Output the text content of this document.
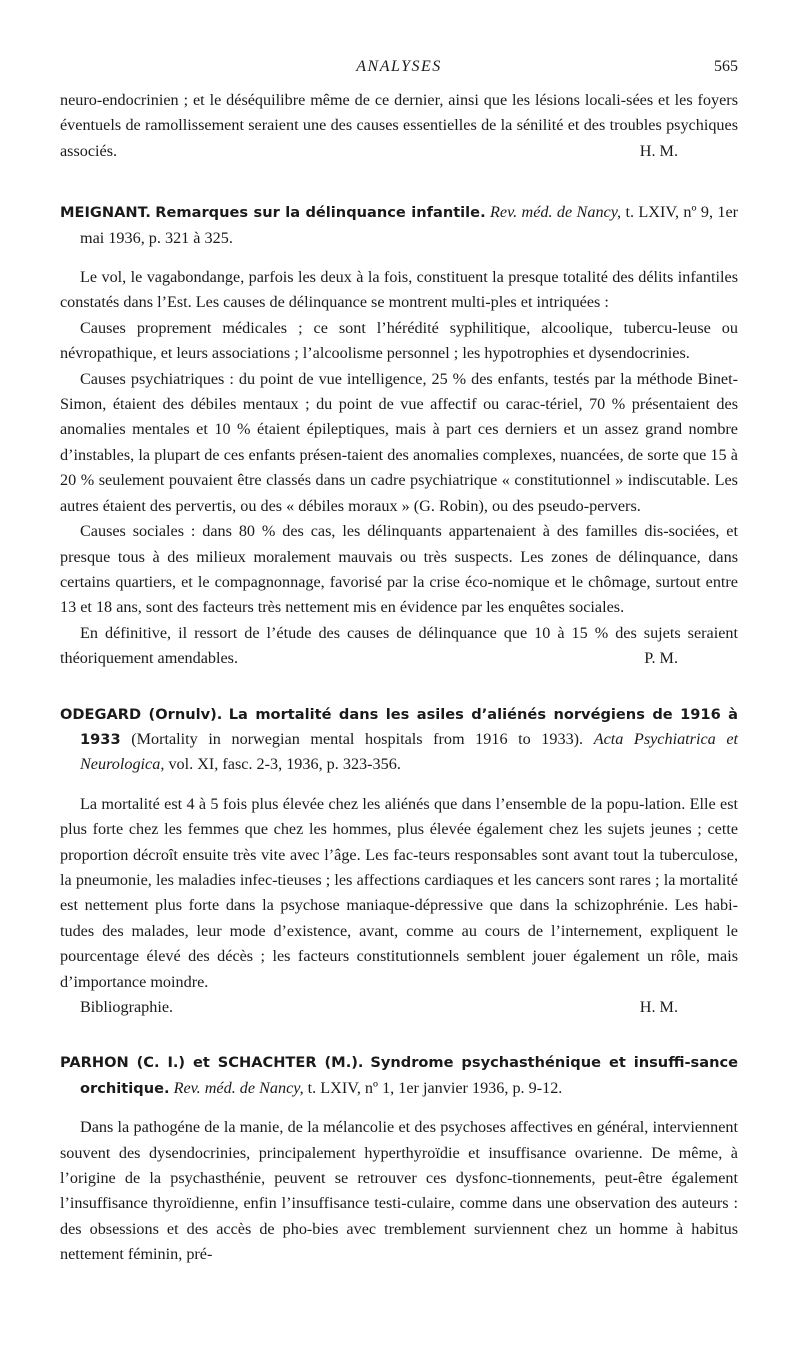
ANALYSES	565

neuro-endocrinien ; et le déséquilibre même de ce dernier, ainsi que les lésions locali-sées et les foyers éventuels de ramollissement seraient une des causes essentielles de la sénilité et des troubles psychiques associés.	H. M.

MEIGNANT. Remarques sur la délinquance infantile. Rev. méd. de Nancy, t. LXIV, nº 9, 1er mai 1936, p. 321 à 325.

Le vol, le vagabondange, parfois les deux à la fois, constituent la presque totalité des délits infantiles constatés dans l’Est. Les causes de délinquance se montrent multi-ples et intriquées :

Causes proprement médicales ; ce sont l’hérédité syphilitique, alcoolique, tubercu-leuse ou névropathique, et leurs associations ; l’alcoolisme personnel ; les hypotrophies et dysendocrinies.

Causes psychiatriques : du point de vue intelligence, 25 % des enfants, testés par la méthode Binet-Simon, étaient des débiles mentaux ; du point de vue affectif ou carac-tériel, 70 % présentaient des anomalies mentales et 10 % étaient épileptiques, mais à part ces derniers et un assez grand nombre d’instables, la plupart de ces enfants présen-taient des anomalies complexes, nuancées, de sorte que 15 à 20 % seulement pouvaient être classés dans un cadre psychiatrique « constitutionnel » indiscutable. Les autres étaient des pervertis, ou des « débiles moraux » (G. Robin), ou des pseudo-pervers.

Causes sociales : dans 80 % des cas, les délinquants appartenaient à des familles dis-sociées, et presque tous à des milieux moralement mauvais ou très suspects. Les zones de délinquance, dans certains quartiers, et le compagnonnage, favorisé par la crise éco-nomique et le chômage, surtout entre 13 et 18 ans, sont des facteurs très nettement mis en évidence par les enquêtes sociales.

En définitive, il ressort de l’étude des causes de délinquance que 10 à 15 % des sujets seraient théoriquement amendables.	P. M.

ODEGARD (Ornulv). La mortalité dans les asiles d’aliénés norvégiens de 1916 à 1933 (Mortality in norwegian mental hospitals from 1916 to 1933). Acta Psychiatrica et Neurologica, vol. XI, fasc. 2-3, 1936, p. 323-356.

La mortalité est 4 à 5 fois plus élevée chez les aliénés que dans l’ensemble de la popu-lation. Elle est plus forte chez les femmes que chez les hommes, plus élevée également chez les sujets jeunes ; cette proportion décroît ensuite très vite avec l’âge. Les fac-teurs responsables sont avant tout la tuberculose, la pneumonie, les maladies infec-tieuses ; les affections cardiaques et les cancers sont rares ; la mortalité est nettement plus forte dans la psychose maniaque-dépressive que dans la schizophrénie. Les habi-tudes des malades, leur mode d’existence, avant, comme au cours de l’internement, expliquent le pourcentage élevé des décès ; les facteurs constitutionnels semblent jouer également un rôle, mais d’importance moindre.

Bibliographie.	H. M.

PARHON (C. I.) et SCHACHTER (M.). Syndrome psychasthénique et insuffi-sance orchitique. Rev. méd. de Nancy, t. LXIV, nº 1, 1er janvier 1936, p. 9-12.

Dans la pathogéne de la manie, de la mélancolie et des psychoses affectives en général, interviennent souvent des dysendocrinies, principalement hyperthyroïdie et insuffisance ovarienne. De même, à l’origine de la psychasthénie, peuvent se retrouver ces dysfonc-tionnements, peut-être également l’insuffisance thyroïdienne, enfin l’insuffisance testi-culaire, comme dans une observation des auteurs : des obsessions et des accès de pho-bies avec tremblement surviennent chez un homme à habitus nettement féminin, pré-
